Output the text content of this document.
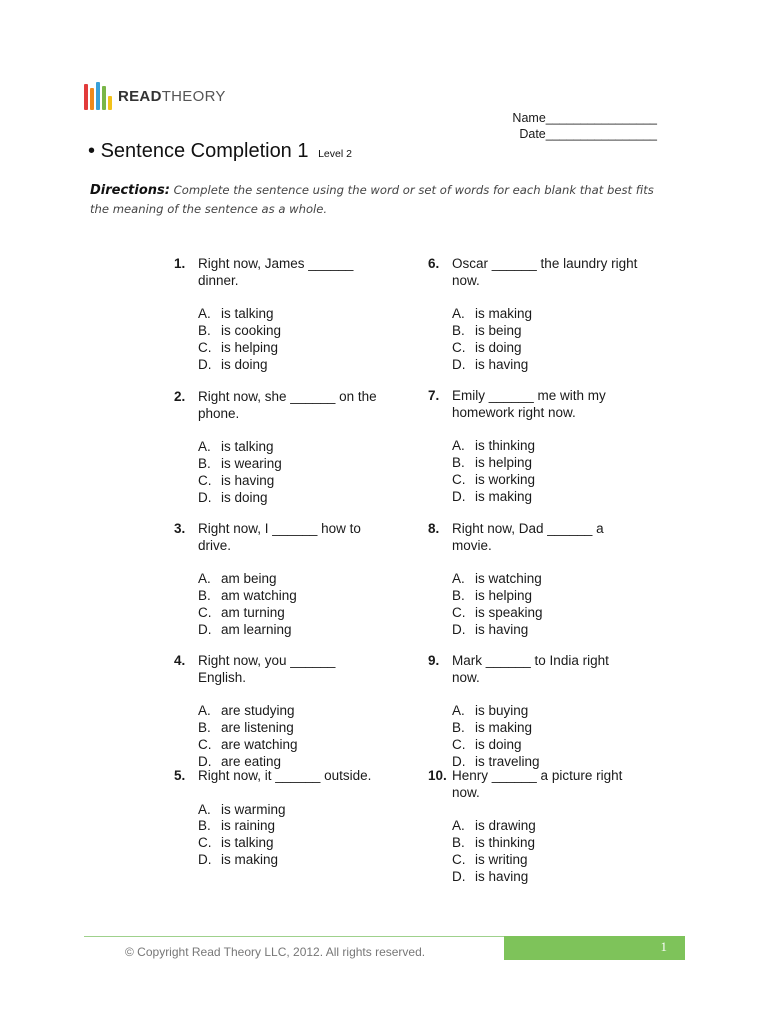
READTHEORY
Name________________
Date________________
• Sentence Completion 1 Level 2
Directions: Complete the sentence using the word or set of words for each blank that best fits the meaning of the sentence as a whole.
1. Right now, James ______ dinner.
A. is talking
B. is cooking
C. is helping
D. is doing
2. Right now, she ______ on the phone.
A. is talking
B. is wearing
C. is having
D. is doing
3. Right now, I ______ how to drive.
A. am being
B. am watching
C. am turning
D. am learning
4. Right now, you ______ English.
A. are studying
B. are listening
C. are watching
D. are eating
5. Right now, it ______ outside.
A. is warming
B. is raining
C. is talking
D. is making
6. Oscar ______ the laundry right now.
A. is making
B. is being
C. is doing
D. is having
7. Emily ______ me with my homework right now.
A. is thinking
B. is helping
C. is working
D. is making
8. Right now, Dad ______ a movie.
A. is watching
B. is helping
C. is speaking
D. is having
9. Mark ______ to India right now.
A. is buying
B. is making
C. is doing
D. is traveling
10. Henry ______ a picture right now.
A. is drawing
B. is thinking
C. is writing
D. is having
1
© Copyright Read Theory LLC, 2012. All rights reserved.
